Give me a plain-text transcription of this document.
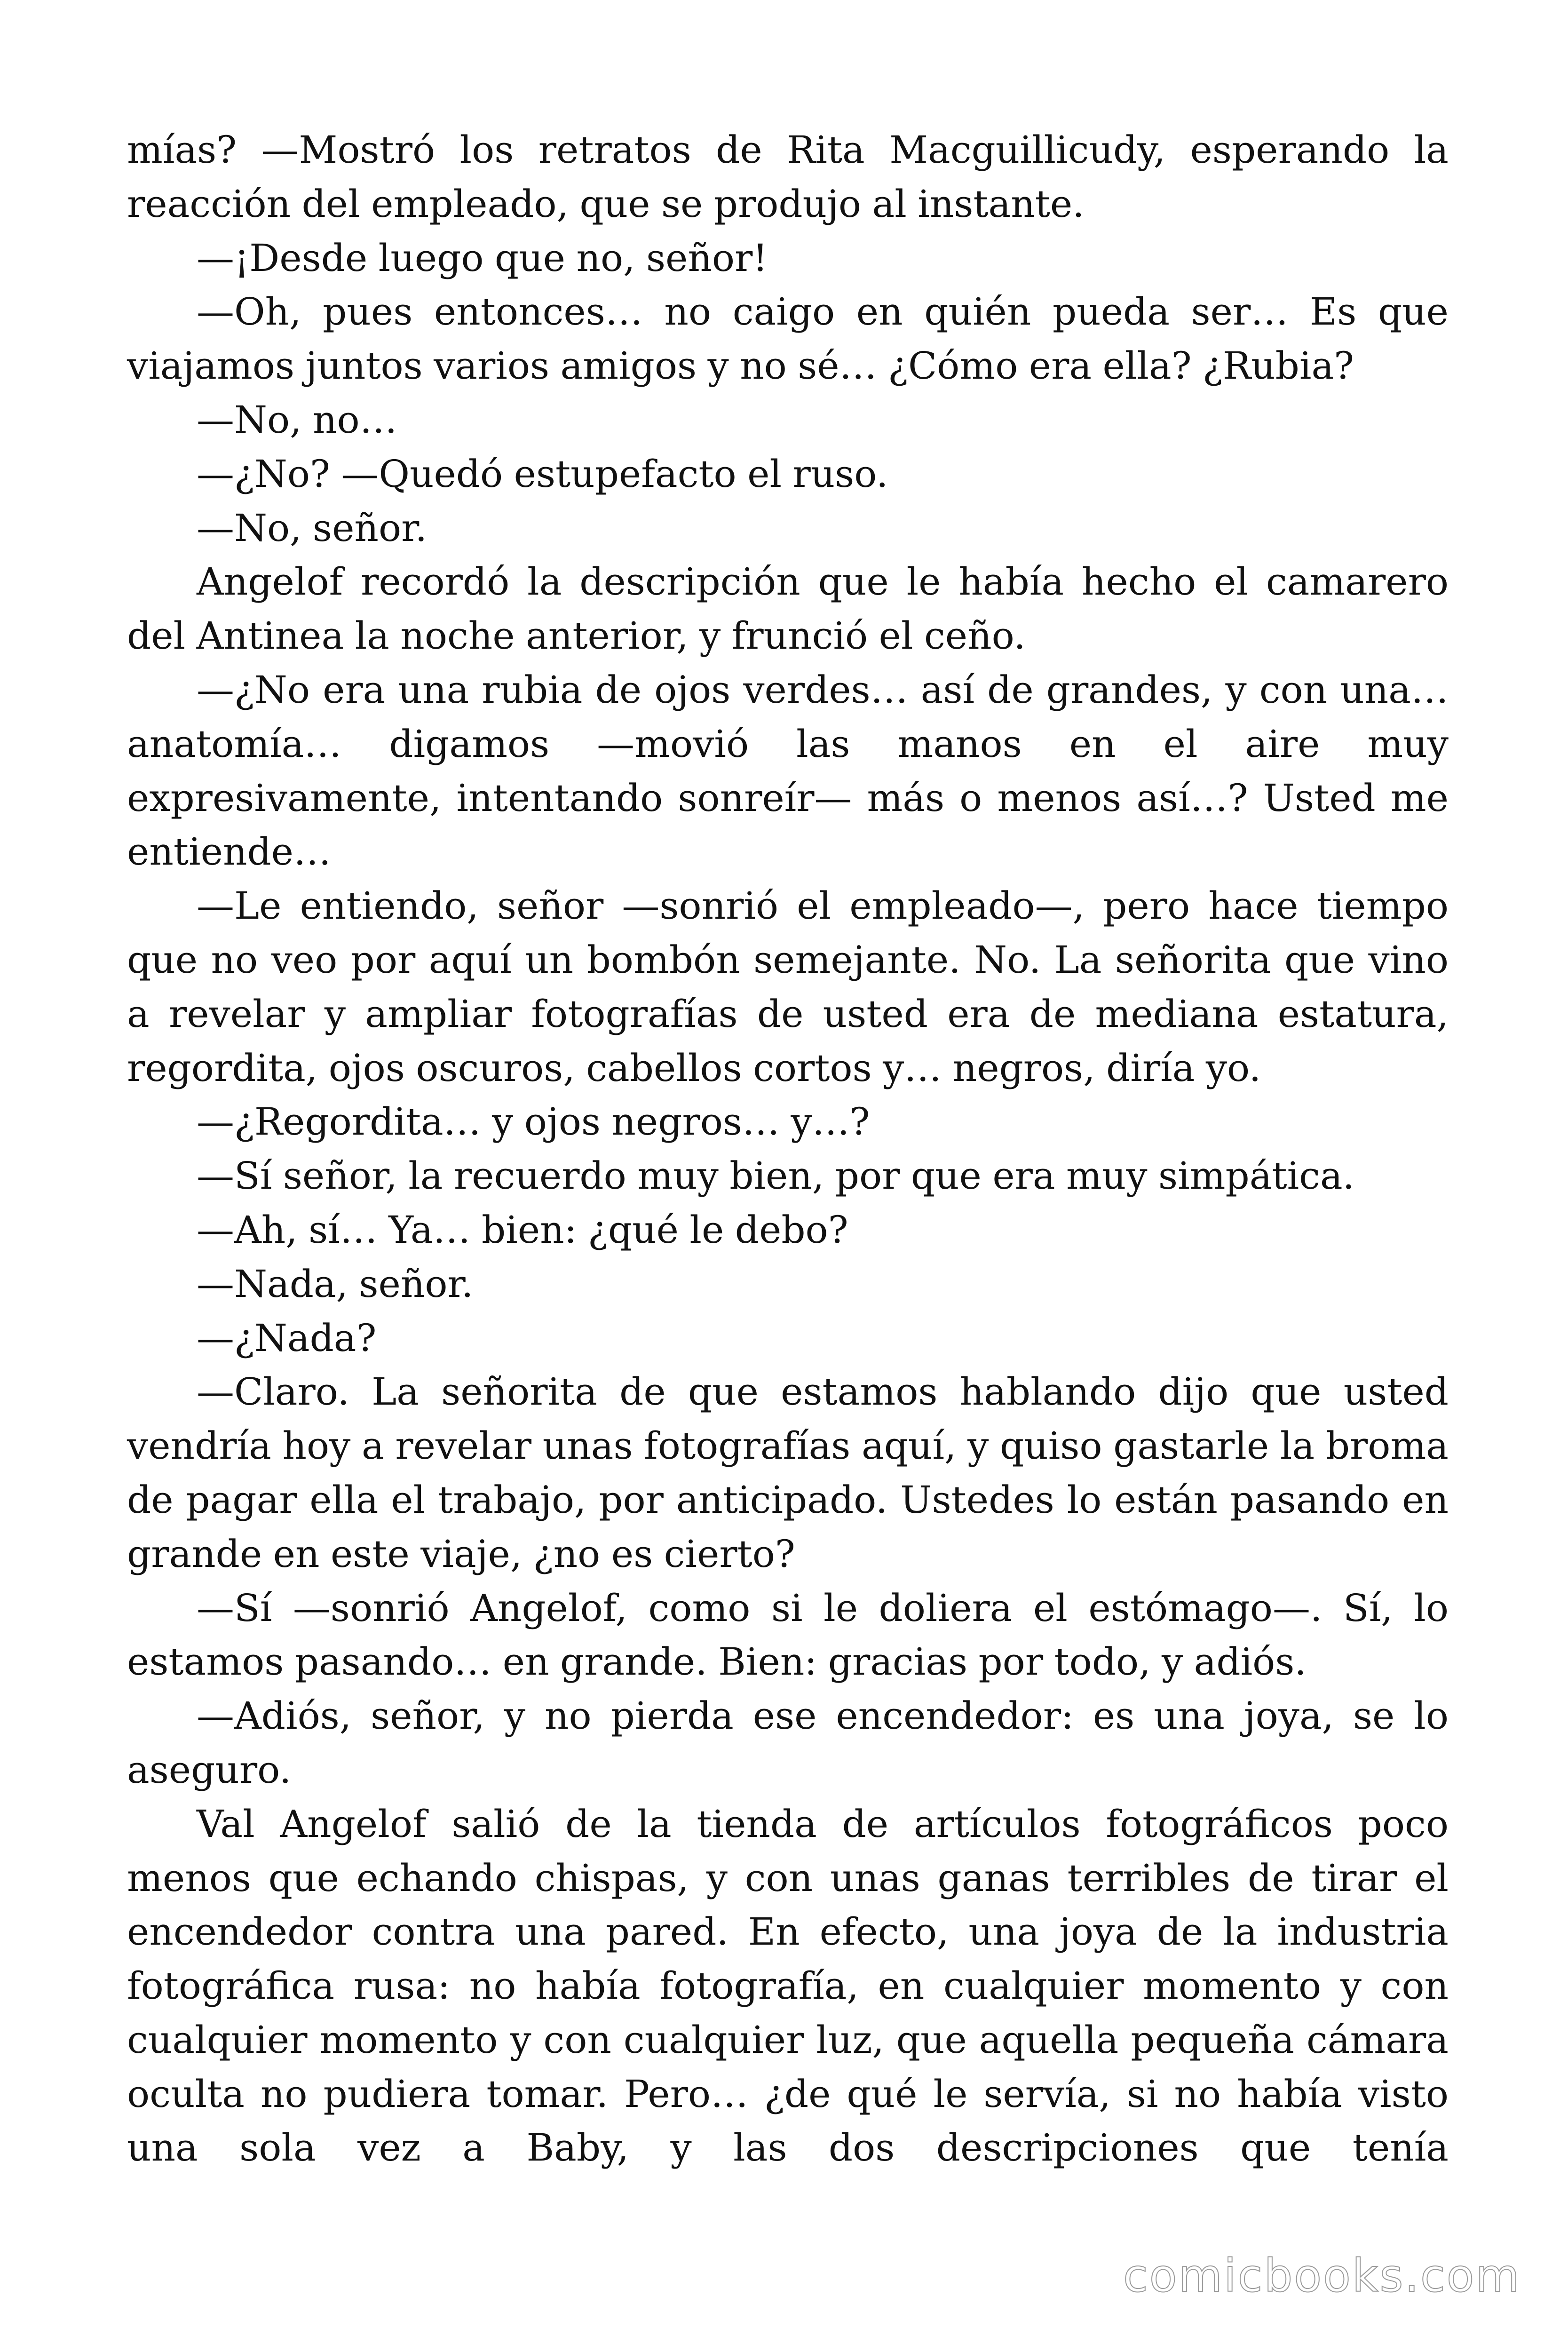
mías? —Mostró los retratos de Rita Macguillicudy, esperando la reacción del empleado, que se produjo al instante.

—¡Desde luego que no, señor!

—Oh, pues entonces… no caigo en quién pueda ser… Es que viajamos juntos varios amigos y no sé… ¿Cómo era ella? ¿Rubia?

—No, no…

—¿No? —Quedó estupefacto el ruso.

—No, señor.

Angelof recordó la descripción que le había hecho el camarero del Antinea la noche anterior, y frunció el ceño.

—¿No era una rubia de ojos verdes… así de grandes, y con una… anatomía… digamos —movió las manos en el aire muy expresivamente, intentando sonreír— más o menos así…? Usted me entiende…

—Le entiendo, señor —sonrió el empleado—, pero hace tiempo que no veo por aquí un bombón semejante. No. La señorita que vino a revelar y ampliar fotografías de usted era de mediana estatura, regordita, ojos oscuros, cabellos cortos y… negros, diría yo.

—¿Regordita… y ojos negros… y…?

—Sí señor, la recuerdo muy bien, por que era muy simpática.

—Ah, sí… Ya… bien: ¿qué le debo?

—Nada, señor.

—¿Nada?

—Claro. La señorita de que estamos hablando dijo que usted vendría hoy a revelar unas fotografías aquí, y quiso gastarle la broma de pagar ella el trabajo, por anticipado. Ustedes lo están pasando en grande en este viaje, ¿no es cierto?

—Sí —sonrió Angelof, como si le doliera el estómago—. Sí, lo estamos pasando… en grande. Bien: gracias por todo, y adiós.

—Adiós, señor, y no pierda ese encendedor: es una joya, se lo aseguro.

Val Angelof salió de la tienda de artículos fotográficos poco menos que echando chispas, y con unas ganas terribles de tirar el encendedor contra una pared. En efecto, una joya de la industria fotográfica rusa: no había fotografía, en cualquier momento y con cualquier momento y con cualquier luz, que aquella pequeña cámara oculta no pudiera tomar. Pero… ¿de qué le servía, si no había visto una sola vez a Baby, y las dos descripciones que tenía

comicbooks.com
